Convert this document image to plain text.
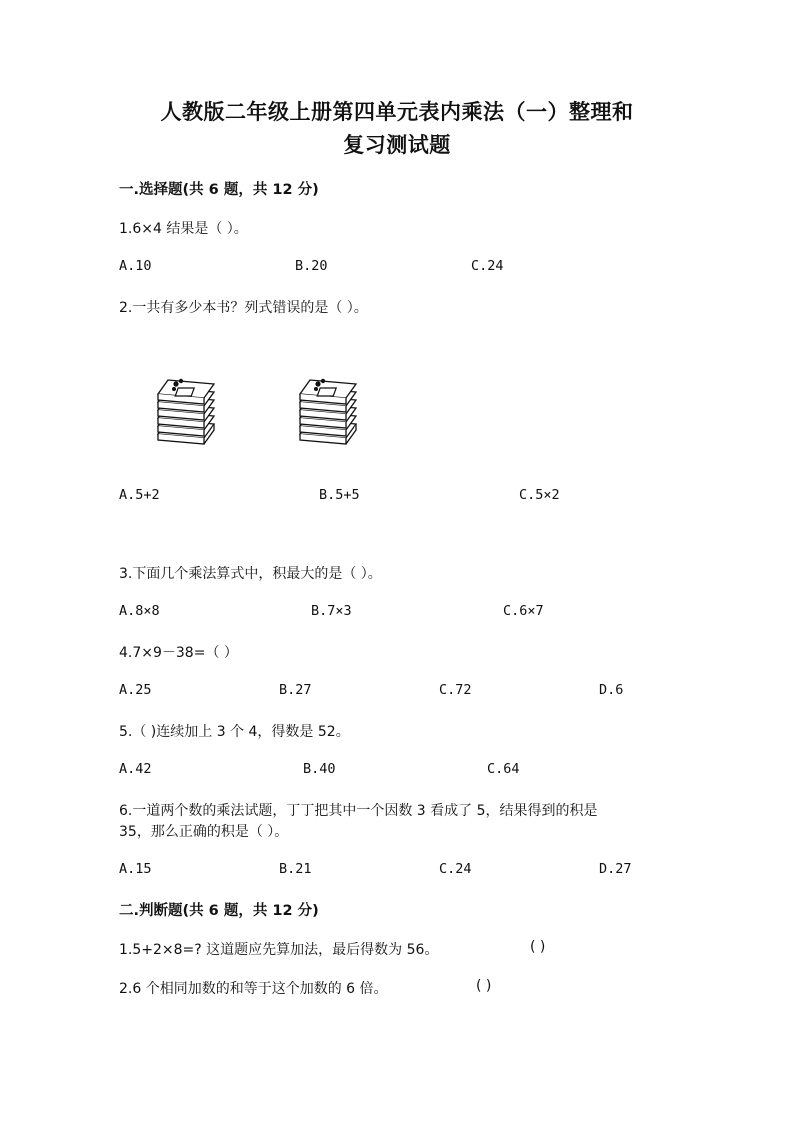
人教版二年级上册第四单元表内乘法（一）整理和
复习测试题
一.选择题(共 6 题，共 12 分)
1.6×4 结果是（ ）。
A.10	B.20	C.24
2.一共有多少本书？列式错误的是（ ）。
A.5+2	B.5+5	C.5×2
3.下面几个乘法算式中，积最大的是（ ）。
A.8×8	B.7×3	C.6×7
4.7×9－38=（ ）
A.25	B.27	C.72	D.6
5.（ )连续加上 3 个 4，得数是 52。
A.42	B.40	C.64
6.一道两个数的乘法试题，丁丁把其中一个因数 3 看成了 5，结果得到的积是
35，那么正确的积是（ ）。
A.15	B.21	C.24	D.27
二.判断题(共 6 题，共 12 分)
1.5+2×8=? 这道题应先算加法，最后得数为 56。	( )
2.6 个相同加数的和等于这个加数的 6 倍。	( )
